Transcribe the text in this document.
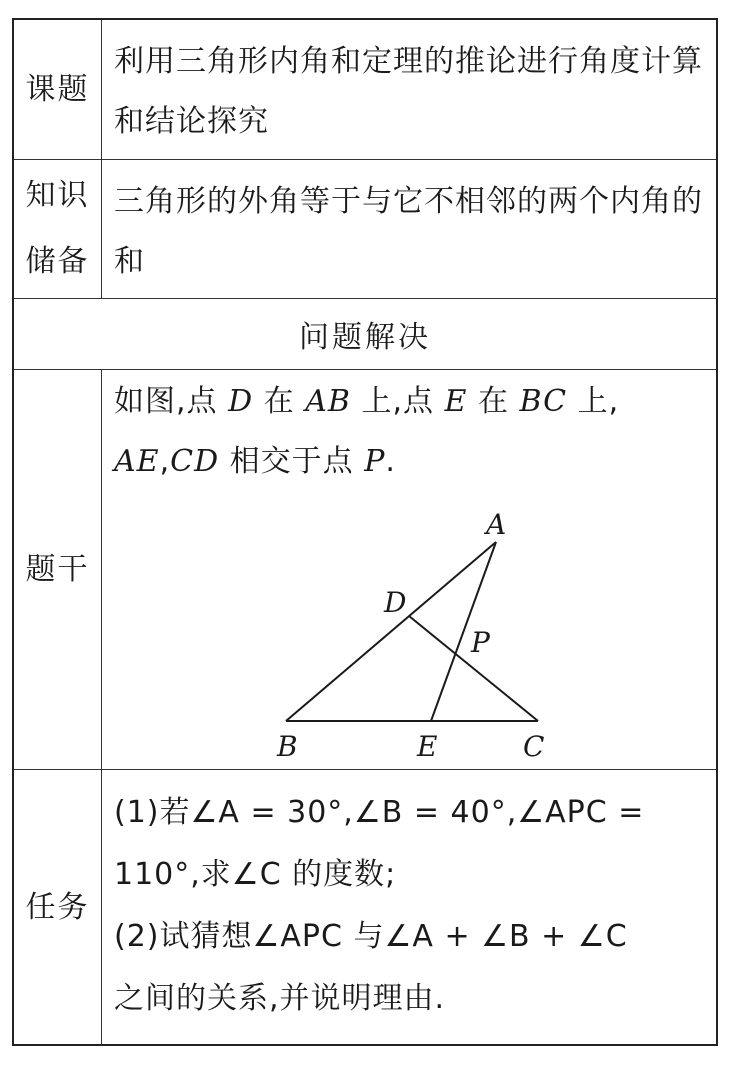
课题

利用三角形内角和定理的推论进行角度计算和结论探究

知识
储备

三角形的外角等于与它不相邻的两个内角的和

问题解决
题干

如图,点 D 在 AB 上,点 E 在 BC 上,

AE,CD 相交于点 P.

A
D
P
B	E	C
任务

(1)若∠A = 30°,∠B = 40°,∠APC =

110°,求∠C 的度数;

(2)试猜想∠APC 与∠A + ∠B + ∠C

之间的关系,并说明理由.
